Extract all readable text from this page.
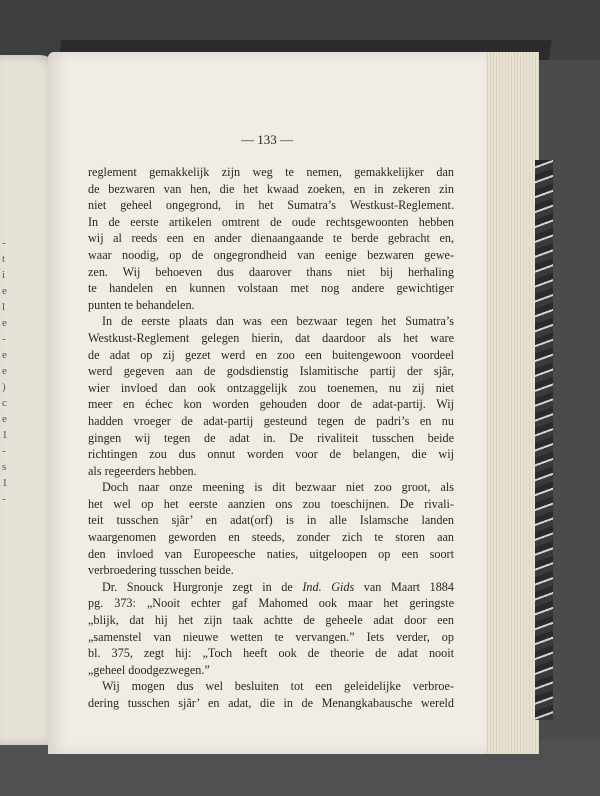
-
t
i
e
l
e
-
e
e
)
c
e
1
-
s
1
-
— 133 —
reglement gemakkelijk zijn weg te nemen, gemakkelijker dan
de bezwaren van hen, die het kwaad zoeken, en in zekeren zin
niet geheel ongegrond, in het Sumatra’s Westkust-Reglement.
In de eerste artikelen omtrent de oude rechtsgewoonten hebben
wij al reeds een en ander dienaangaande te berde gebracht en,
waar noodig, op de ongegrondheid van eenige bezwaren gewe-
zen. Wij behoeven dus daarover thans niet bij herhaling
te handelen en kunnen volstaan met nog andere gewichtiger
punten te behandelen.
In de eerste plaats dan was een bezwaar tegen het Sumatra’s
Westkust-Reglement gelegen hierin, dat daardoor als het ware
de adat op zij gezet werd en zoo een buitengewoon voordeel
werd gegeven aan de godsdienstig Islamitische partij der sjâr,
wier invloed dan ook ontzaggelijk zou toenemen, nu zij niet
meer en échec kon worden gehouden door de adat-partij. Wij
hadden vroeger de adat-partij gesteund tegen de padri’s en nu
gingen wij tegen de adat in. De rivaliteit tusschen beide
richtingen zou dus onnut worden voor de belangen, die wij
als regeerders hebben.
Doch naar onze meening is dit bezwaar niet zoo groot, als
het wel op het eerste aanzien ons zou toeschijnen. De rivali-
teit tusschen sjâr’ en adat(orf) is in alle Islamsche landen
waargenomen geworden en steeds, zonder zich te storen aan
den invloed van Europeesche naties, uitgeloopen op een soort
verbroedering tusschen beide.
Dr. Snouck Hurgronje zegt in de Ind. Gids van Maart 1884
pg. 373: „Nooit echter gaf Mahomed ook maar het geringste
„blijk, dat hij het zijn taak achtte de geheele adat door een
„samenstel van nieuwe wetten te vervangen.” Iets verder, op
bl. 375, zegt hij: „Toch heeft ook de theorie de adat nooit
„geheel doodgezwegen.”
Wij mogen dus wel besluiten tot een geleidelijke verbroe-
dering tusschen sjâr’ en adat, die in de Menangkabausche wereld
